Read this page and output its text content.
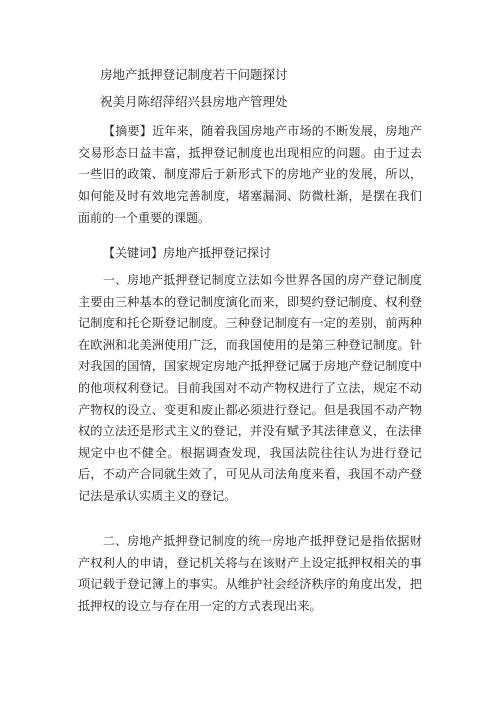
房地产抵押登记制度若干问题探讨
祝美月陈绍萍绍兴县房地产管理处

【摘要】近年来，随着我国房地产市场的不断发展，房地产交易形态日益丰富，抵押登记制度也出现相应的问题。由于过去一些旧的政策、制度滞后于新形式下的房地产业的发展，所以，如何能及时有效地完善制度，堵塞漏洞、防微杜渐，是摆在我们面前的一个重要的课题。

【关键词】房地产抵押登记探讨

一、房地产抵押登记制度立法如今世界各国的房产登记制度主要由三种基本的登记制度演化而来，即契约登记制度、权利登记制度和托仑斯登记制度。三种登记制度有一定的差别，前两种在欧洲和北美洲使用广泛，而我国使用的是第三种登记制度。针对我国的国情，国家规定房地产抵押登记属于房地产登记制度中的他项权利登记。目前我国对不动产物权进行了立法，规定不动产物权的设立、变更和废止都必须进行登记。但是我国不动产物权的立法还是形式主义的登记，并没有赋予其法律意义，在法律规定中也不健全。根据调查发现，我国法院往往认为进行登记后，不动产合同就生效了，可见从司法角度来看，我国不动产登记法是承认实质主义的登记。

二、房地产抵押登记制度的统一房地产抵押登记是指依据财产权利人的申请，登记机关将与在该财产上设定抵押权相关的事项记载于登记簿上的事实。从维护社会经济秩序的角度出发，把抵押权的设立与存在用一定的方式表现出来。
